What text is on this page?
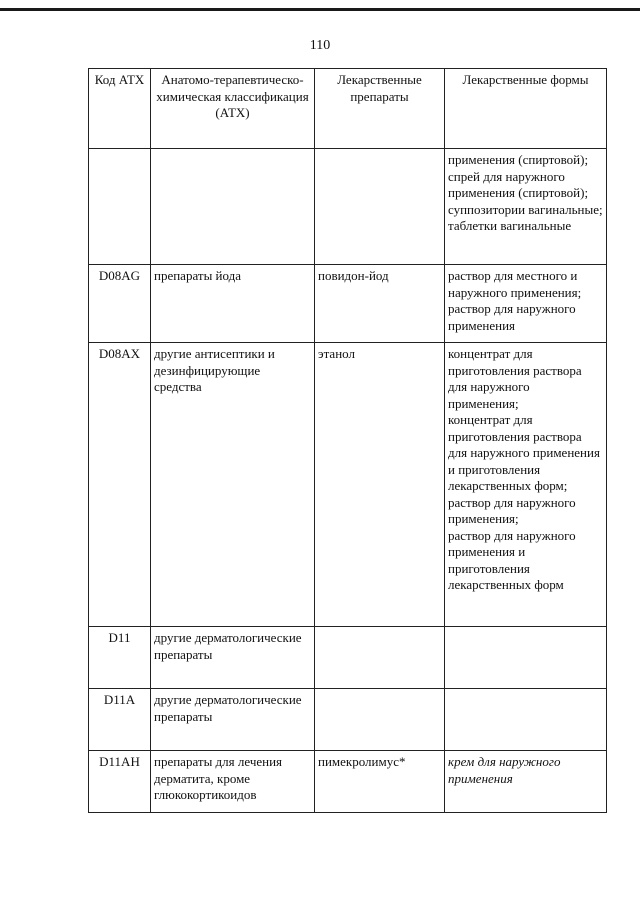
110
Код АТХ	Анатомо-терапевтическо-химическая классификация (АТХ)	Лекарственные препараты	Лекарственные формы

			применения (спиртовой);
спрей для наружного применения (спиртовой);
суппозитории вагинальные;
таблетки вагинальные

D08AG	препараты йода	повидон-йод	раствор для местного и наружного применения;
раствор для наружного применения

D08AX	другие антисептики и дезинфицирующие средства	этанол	концентрат для приготовления раствора для наружного применения;
концентрат для приготовления раствора для наружного применения и приготовления лекарственных форм;
раствор для наружного применения;
раствор для наружного применения и приготовления лекарственных форм

D11	другие дерматологические препараты		
D11A	другие дерматологические препараты		
D11AH	препараты для лечения дерматита, кроме глюкокортикоидов	пимекролимус*	крем для наружного применения
